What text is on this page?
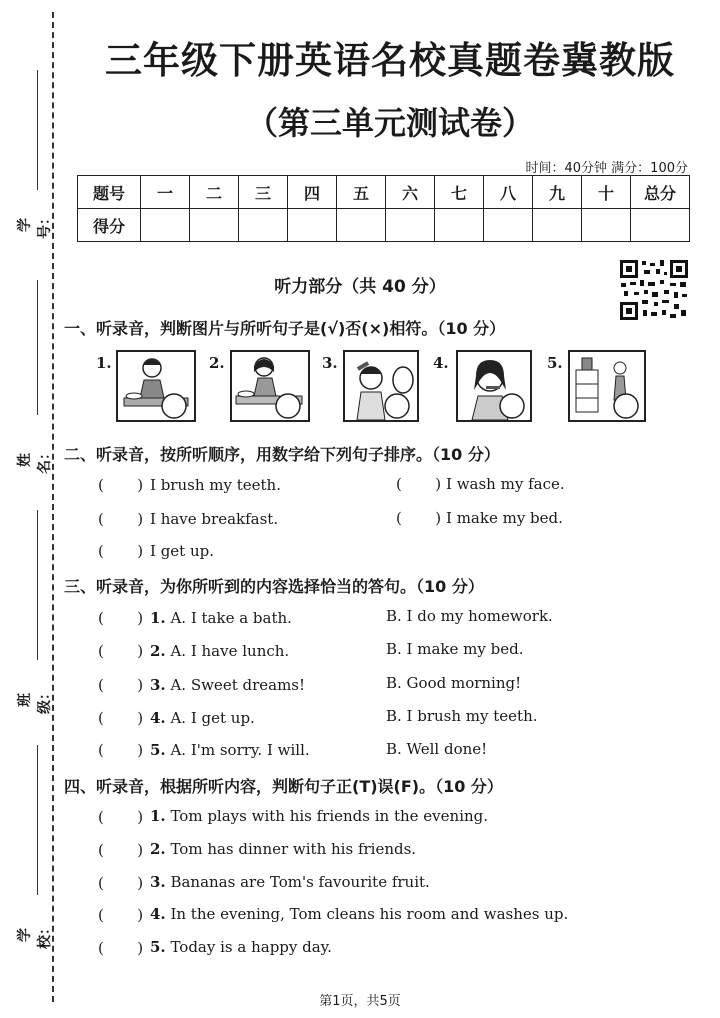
学号：
姓名：
班级：
学校：
三年级下册英语名校真题卷冀教版
（第三单元测试卷）
时间：40分钟 满分：100分
题号	一	二	三	四	五	六	七	八	九	十	总分
得分											
听力部分（共 40 分）
一、听录音，判断图片与所听句子是(√)否(×)相符。（10 分）
1.	2.	3.	4.	5.
二、听录音，按所听顺序，用数字给下列句子排序。（10 分）
(       ) I brush my teeth.	(       ) I wash my face.
(       ) I have breakfast.	(       ) I make my bed.
(       ) I get up.
三、听录音，为你所听到的内容选择恰当的答句。（10 分）
(       ) 1. A. I take a bath.	B. I do my homework.
(       ) 2. A. I have lunch.	B. I make my bed.
(       ) 3. A. Sweet dreams!	B. Good morning!
(       ) 4. A. I get up.	B. I brush my teeth.
(       ) 5. A. I'm sorry. I will.	B. Well done!
四、听录音，根据所听内容，判断句子正(T)误(F)。（10 分）
(       ) 1. Tom plays with his friends in the evening.
(       ) 2. Tom has dinner with his friends.
(       ) 3. Bananas are Tom's favourite fruit.
(       ) 4. In the evening, Tom cleans his room and washes up.
(       ) 5. Today is a happy day.
第1页，共5页
